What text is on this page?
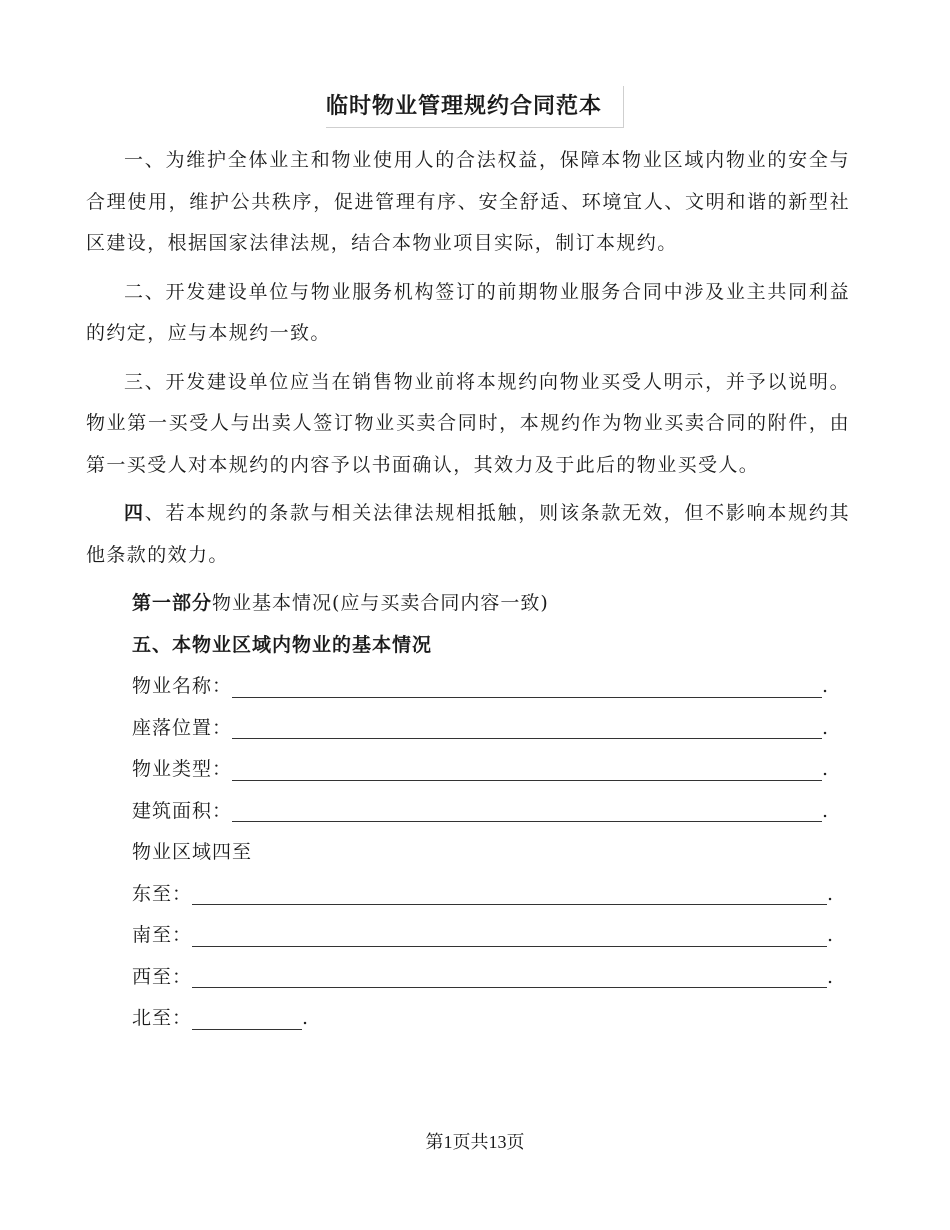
临时物业管理规约合同范本

一、为维护全体业主和物业使用人的合法权益，保障本物业区域内物业的安全与合理使用，维护公共秩序，促进管理有序、安全舒适、环境宜人、文明和谐的新型社区建设，根据国家法律法规，结合本物业项目实际，制订本规约。

二、开发建设单位与物业服务机构签订的前期物业服务合同中涉及业主共同利益的约定，应与本规约一致。

三、开发建设单位应当在销售物业前将本规约向物业买受人明示，并予以说明。物业第一买受人与出卖人签订物业买卖合同时，本规约作为物业买卖合同的附件，由第一买受人对本规约的内容予以书面确认，其效力及于此后的物业买受人。

四、若本规约的条款与相关法律法规相抵触，则该条款无效，但不影响本规约其他条款的效力。

第一部分物业基本情况(应与买卖合同内容一致)
五、本物业区域内物业的基本情况
物业名称：	.
座落位置：	.
物业类型：	.
建筑面积：	.
物业区域四至
东至：	.
南至：	.
西至：	.
北至：	.
第1页共13页
